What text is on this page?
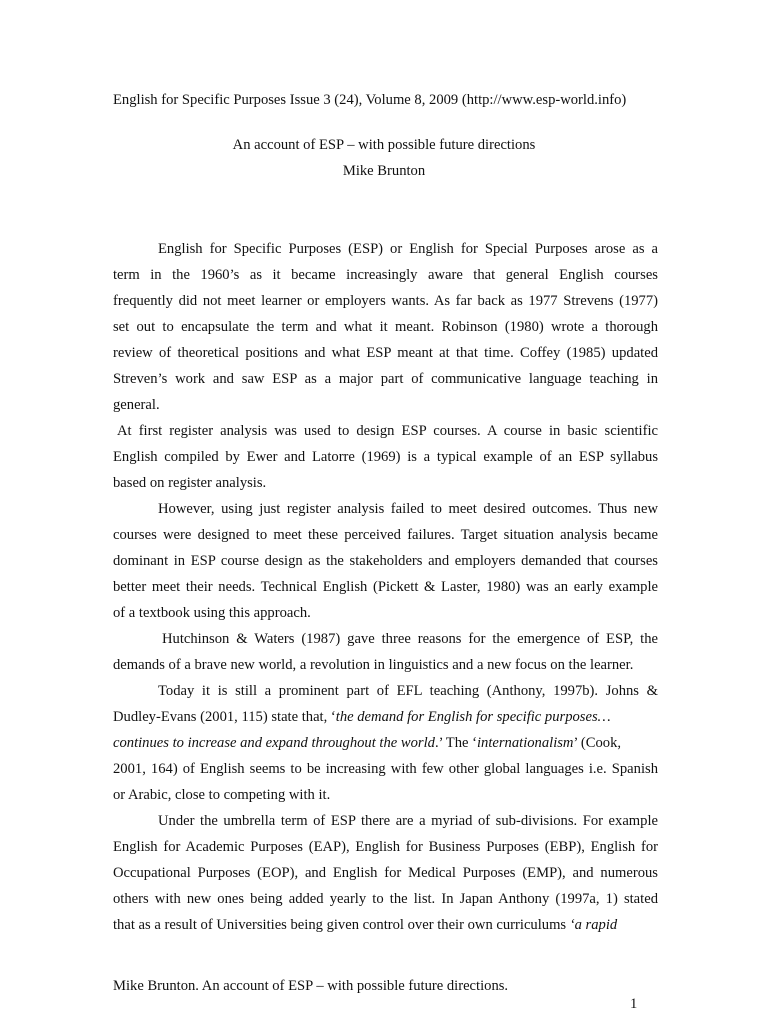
English for Specific Purposes Issue 3 (24), Volume 8, 2009 (http://www.esp-world.info)
An account of ESP – with possible future directions
Mike Brunton
English for Specific Purposes (ESP) or English for Special Purposes arose as a
term in the 1960’s as it became increasingly aware that general English courses
frequently did not meet learner or employers wants. As far back as 1977 Strevens (1977)
set out to encapsulate the term and what it meant. Robinson (1980) wrote a thorough
review of theoretical positions and what ESP meant at that time. Coffey (1985) updated
Streven’s work and saw ESP as a major part of communicative language teaching in
general.
At first register analysis was used to design ESP courses. A course in basic scientific
English compiled by Ewer and Latorre (1969) is a typical example of an ESP syllabus
based on register analysis.
However, using just register analysis failed to meet desired outcomes. Thus new
courses were designed to meet these perceived failures. Target situation analysis became
dominant in ESP course design as the stakeholders and employers demanded that courses
better meet their needs. Technical English (Pickett & Laster, 1980) was an early example
of a textbook using this approach.
Hutchinson & Waters (1987) gave three reasons for the emergence of ESP, the
demands of a brave new world, a revolution in linguistics and a new focus on the learner.
Today it is still a prominent part of EFL teaching (Anthony, 1997b). Johns &
Dudley-Evans (2001, 115) state that, ‘the demand for English for specific purposes…
continues to increase and expand throughout the world.’ The ‘internationalism’ (Cook,
2001, 164) of English seems to be increasing with few other global languages i.e. Spanish
or Arabic, close to competing with it.
Under the umbrella term of ESP there are a myriad of sub-divisions. For example
English for Academic Purposes (EAP), English for Business Purposes (EBP), English for
Occupational Purposes (EOP), and English for Medical Purposes (EMP), and numerous
others with new ones being added yearly to the list. In Japan Anthony (1997a, 1) stated
that as a result of Universities being given control over their own curriculums ‘a rapid
Mike Brunton. An account of ESP – with possible future directions.
1
